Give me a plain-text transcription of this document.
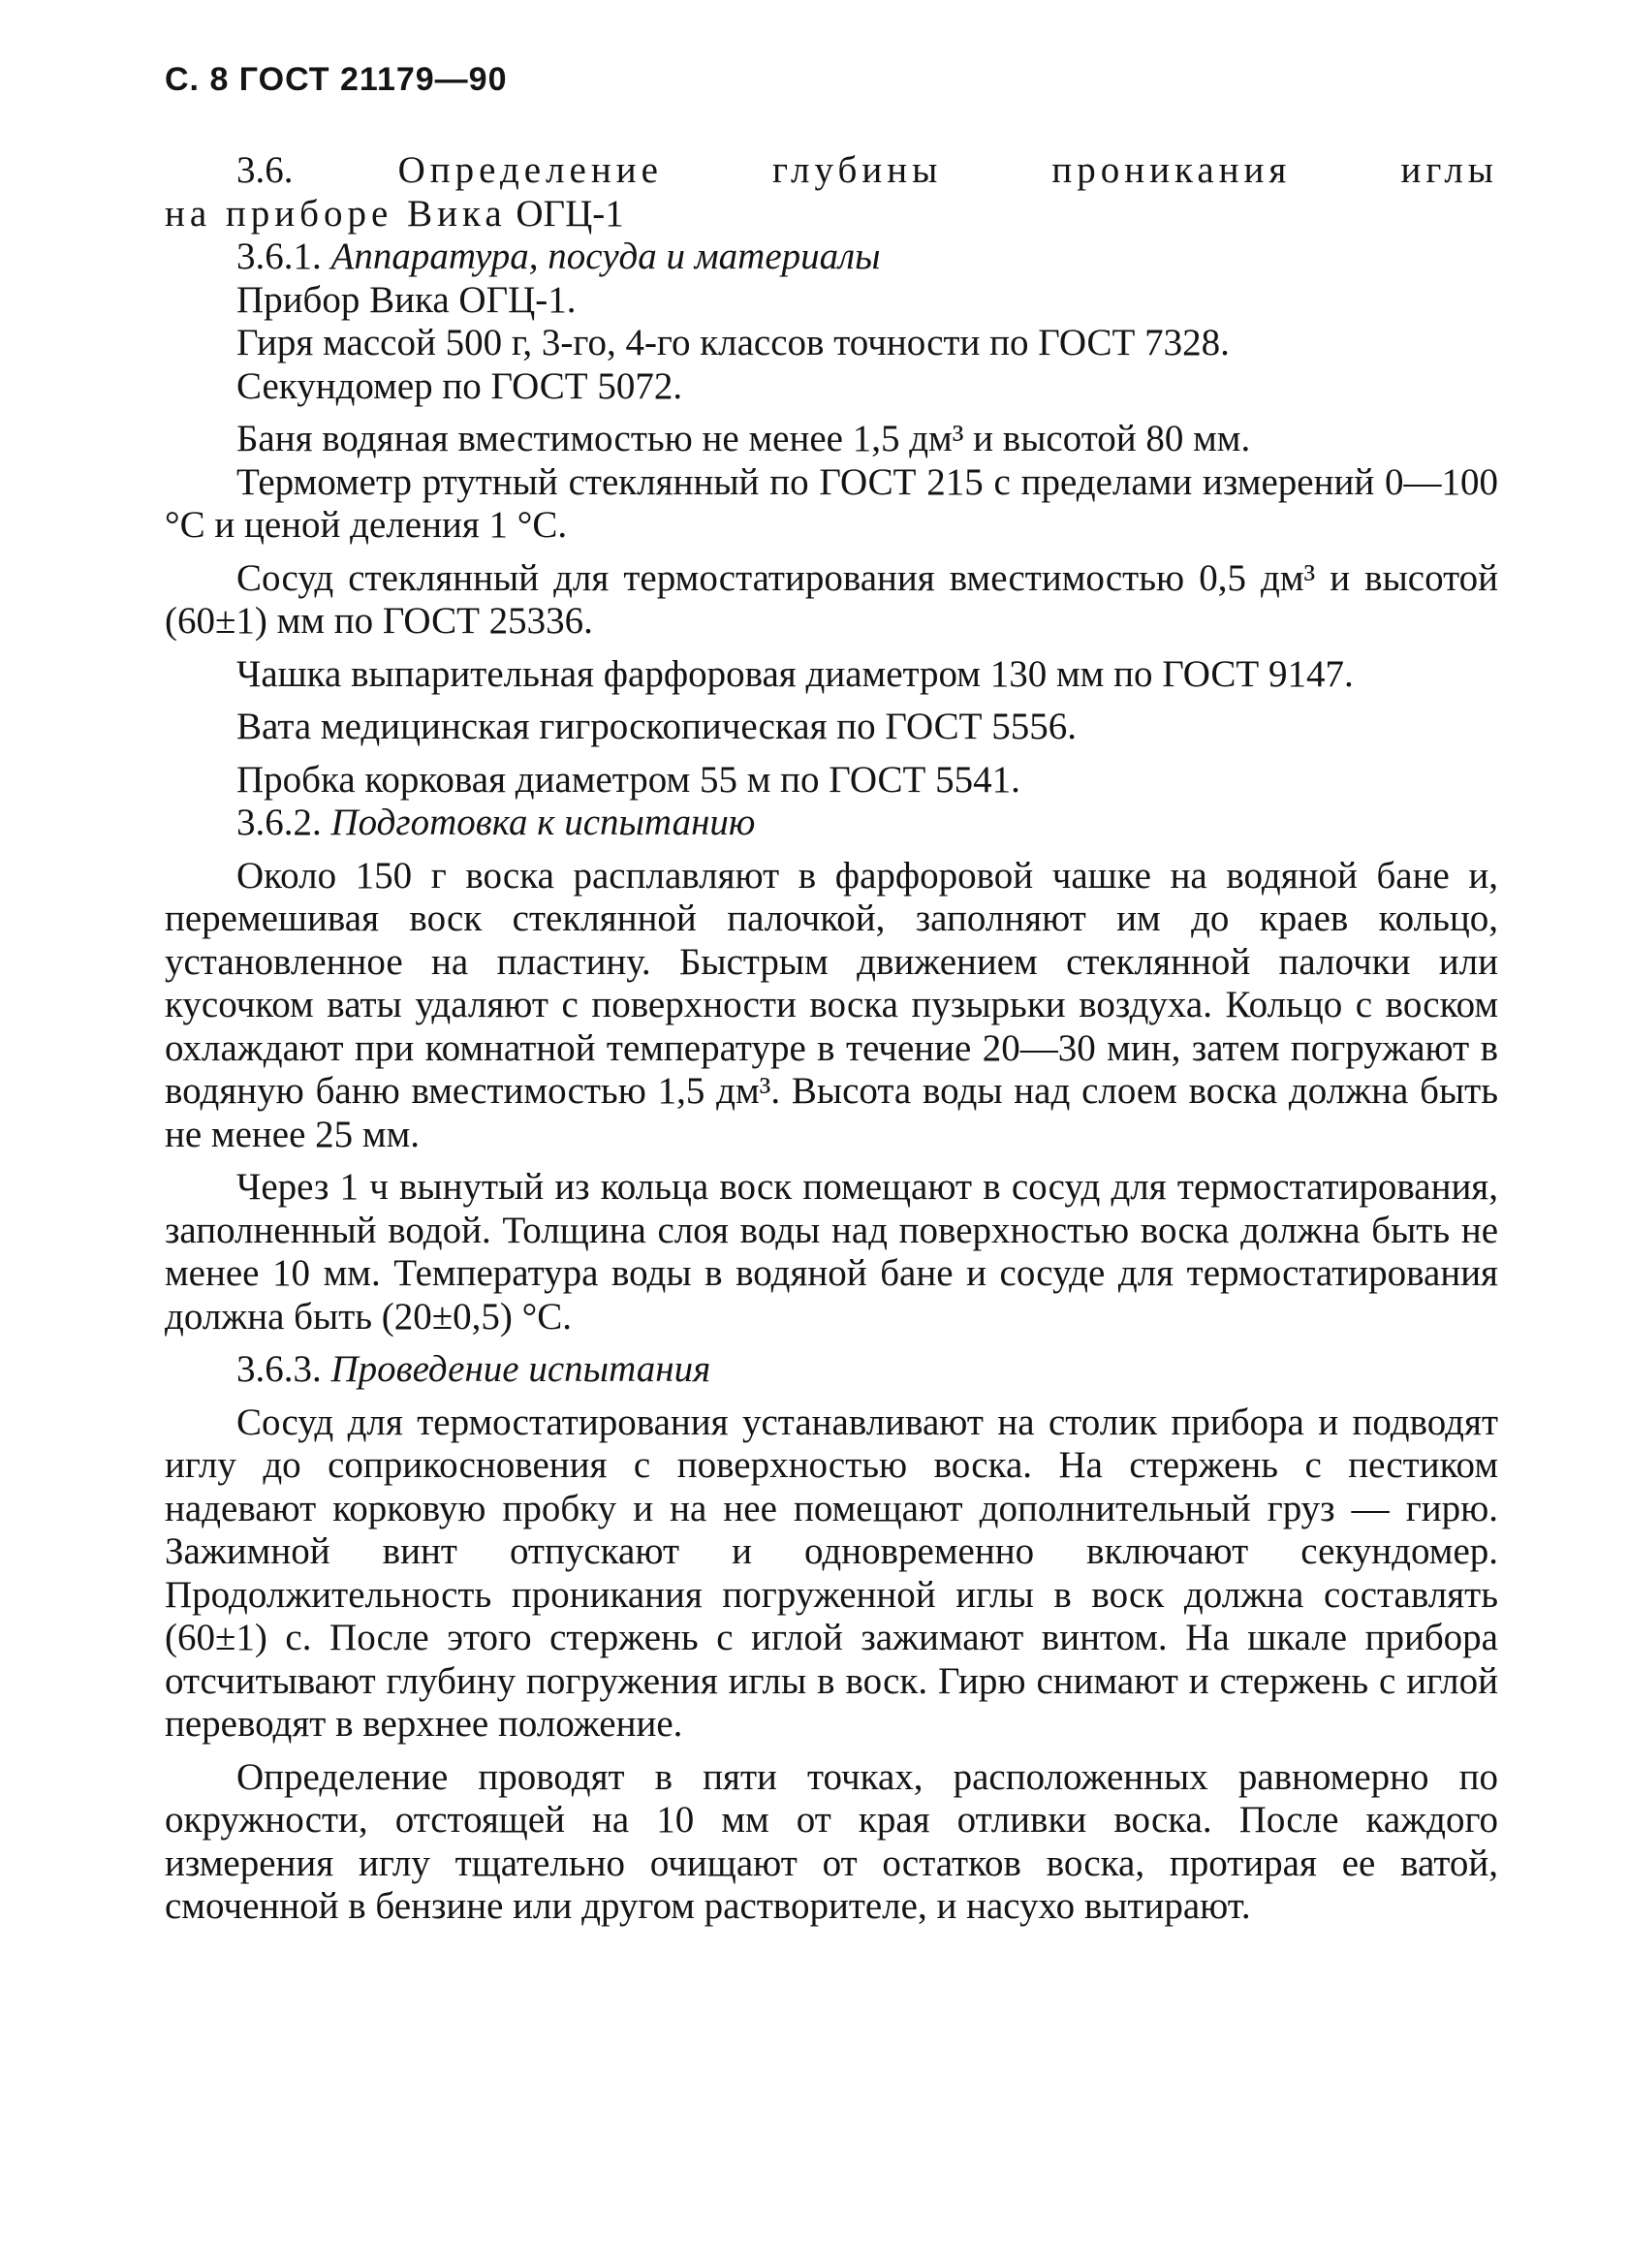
С. 8 ГОСТ 21179—90

3.6.	Определение глубины проникания иглы

на приборе Вика ОГЦ-1

3.6.1. Аппаратура, посуда и материалы

Прибор Вика ОГЦ-1.

Гиря массой 500 г, 3-го, 4-го классов точности по ГОСТ 7328.

Секундомер по ГОСТ 5072.

Баня водяная вместимостью не менее 1,5 дм³ и высотой 80 мм.

Термометр ртутный стеклянный по ГОСТ 215 с пределами измерений 0—100 °С и ценой деления 1 °С.

Сосуд стеклянный для термостатирования вместимостью 0,5 дм³ и высотой (60±1) мм по ГОСТ 25336.

Чашка выпарительная фарфоровая диаметром 130 мм по ГОСТ 9147.

Вата медицинская гигроскопическая по ГОСТ 5556.

Пробка корковая диаметром 55 м по ГОСТ 5541.

3.6.2. Подготовка к испытанию

Около 150 г воска расплавляют в фарфоровой чашке на водяной бане и, перемешивая воск стеклянной палочкой, заполняют им до краев кольцо, установленное на пластину. Быстрым движением стеклянной палочки или кусочком ваты удаляют с поверхности воска пузырьки воздуха. Кольцо с воском охлаждают при комнатной температуре в течение 20—30 мин, затем погружают в водяную баню вместимостью 1,5 дм³. Высота воды над слоем воска должна быть не менее 25 мм.

Через 1 ч вынутый из кольца воск помещают в сосуд для термостатирования, заполненный водой. Толщина слоя воды над поверхностью воска должна быть не менее 10 мм. Температура воды в водяной бане и сосуде для термостатирования должна быть (20±0,5) °С.

3.6.3. Проведение испытания

Сосуд для термостатирования устанавливают на столик прибора и подводят иглу до соприкосновения с поверхностью воска. На стержень с пестиком надевают корковую пробку и на нее помещают дополнительный груз — гирю. Зажимной винт отпускают и одновременно включают секундомер. Продолжительность проникания погруженной иглы в воск должна составлять (60±1) с. После этого стержень с иглой зажимают винтом. На шкале прибора отсчитывают глубину погружения иглы в воск. Гирю снимают и стержень с иглой переводят в верхнее положение.

Определение проводят в пяти точках, расположенных равномерно по окружности, отстоящей на 10 мм от края отливки воска. После каждого измерения иглу тщательно очищают от остатков воска, протирая ее ватой, смоченной в бензине или другом растворителе, и насухо вытирают.
